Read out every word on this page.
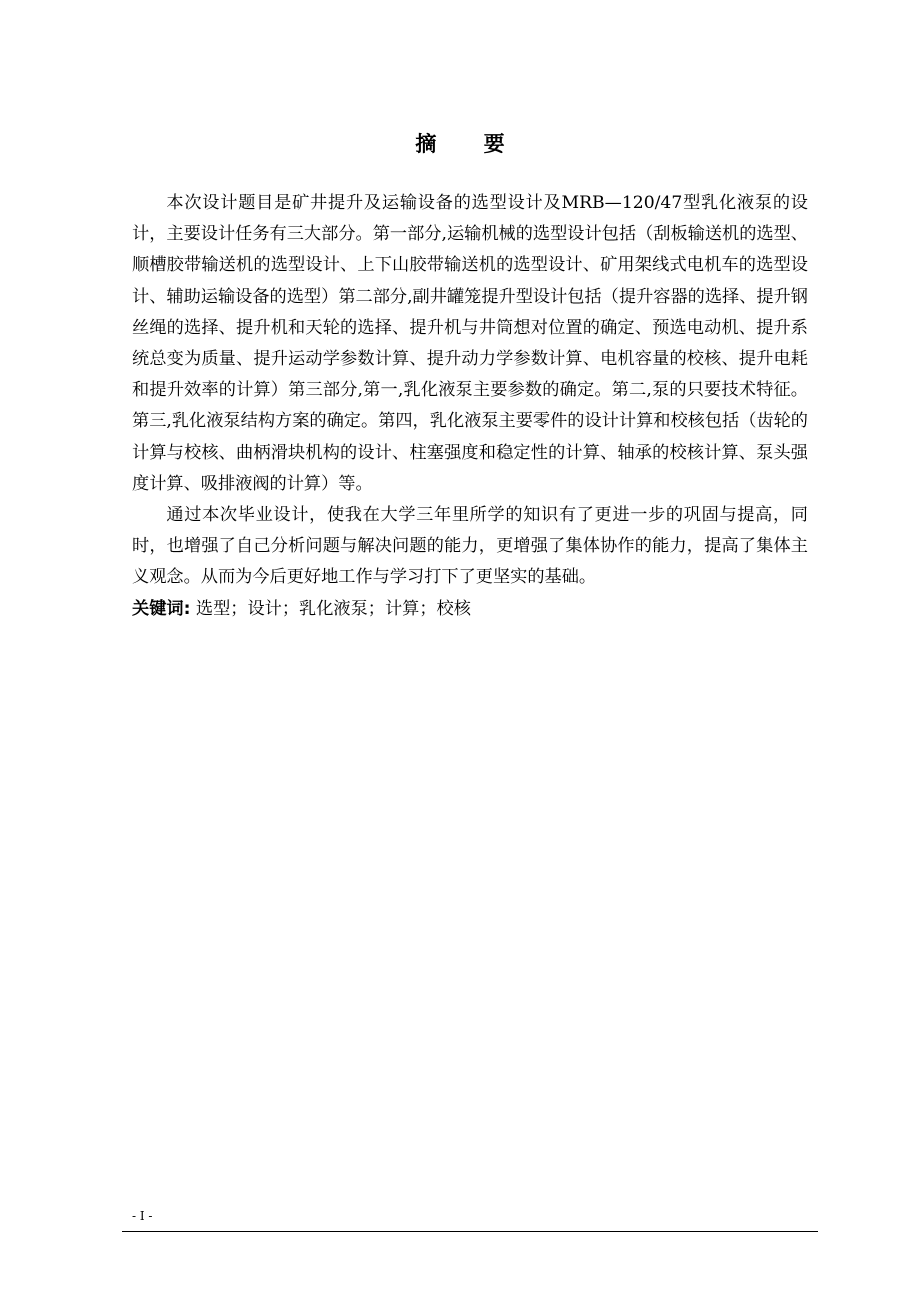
摘 要

本次设计题目是矿井提升及运输设备的选型设计及MRB—120/47型乳化液泵的设计，主要设计任务有三大部分。第一部分,运输机械的选型设计包括（刮板输送机的选型、顺槽胶带输送机的选型设计、上下山胶带输送机的选型设计、矿用架线式电机车的选型设计、辅助运输设备的选型）第二部分,副井罐笼提升型设计包括（提升容器的选择、提升钢丝绳的选择、提升机和天轮的选择、提升机与井筒想对位置的确定、预选电动机、提升系统总变为质量、提升运动学参数计算、提升动力学参数计算、电机容量的校核、提升电耗和提升效率的计算）第三部分,第一,乳化液泵主要参数的确定。第二,泵的只要技术特征。第三,乳化液泵结构方案的确定。第四，乳化液泵主要零件的设计计算和校核包括（齿轮的计算与校核、曲柄滑块机构的设计、柱塞强度和稳定性的计算、轴承的校核计算、泵头强度计算、吸排液阀的计算）等。

通过本次毕业设计，使我在大学三年里所学的知识有了更进一步的巩固与提高，同时，也增强了自己分析问题与解决问题的能力，更增强了集体协作的能力，提高了集体主义观念。从而为今后更好地工作与学习打下了更坚实的基础。

关键词: 选型；设计；乳化液泵；计算；校核

- I -
